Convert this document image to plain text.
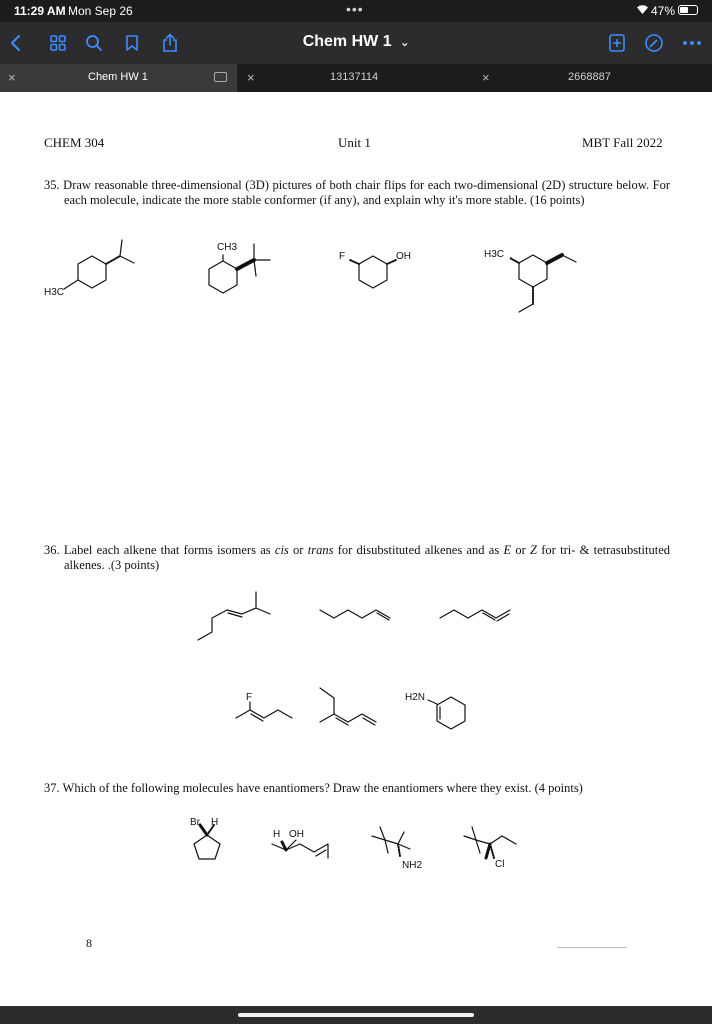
11:29 AM Mon Sep 26	•••	47%
Chem HW 1 ⌄
×	Chem HW 1	×	13137114	×	2668887
CHEM 304	Unit 1	MBT Fall 2022
35. Draw reasonable three-dimensional (3D) pictures of both chair flips for each two-dimensional (2D) structure below. For each molecule, indicate the more stable conformer (if any), and explain why it's more stable. (16 points)
36. Label each alkene that forms isomers as cis or trans for disubstituted alkenes and as E or Z for tri- & tetrasubstituted alkenes. .(3 points)
37. Which of the following molecules have enantiomers? Draw the enantiomers where they exist. (4 points)
H3C
CH3
F	OH	H3C
F	H2N
Br H
H OH
NH2	Cl
8
